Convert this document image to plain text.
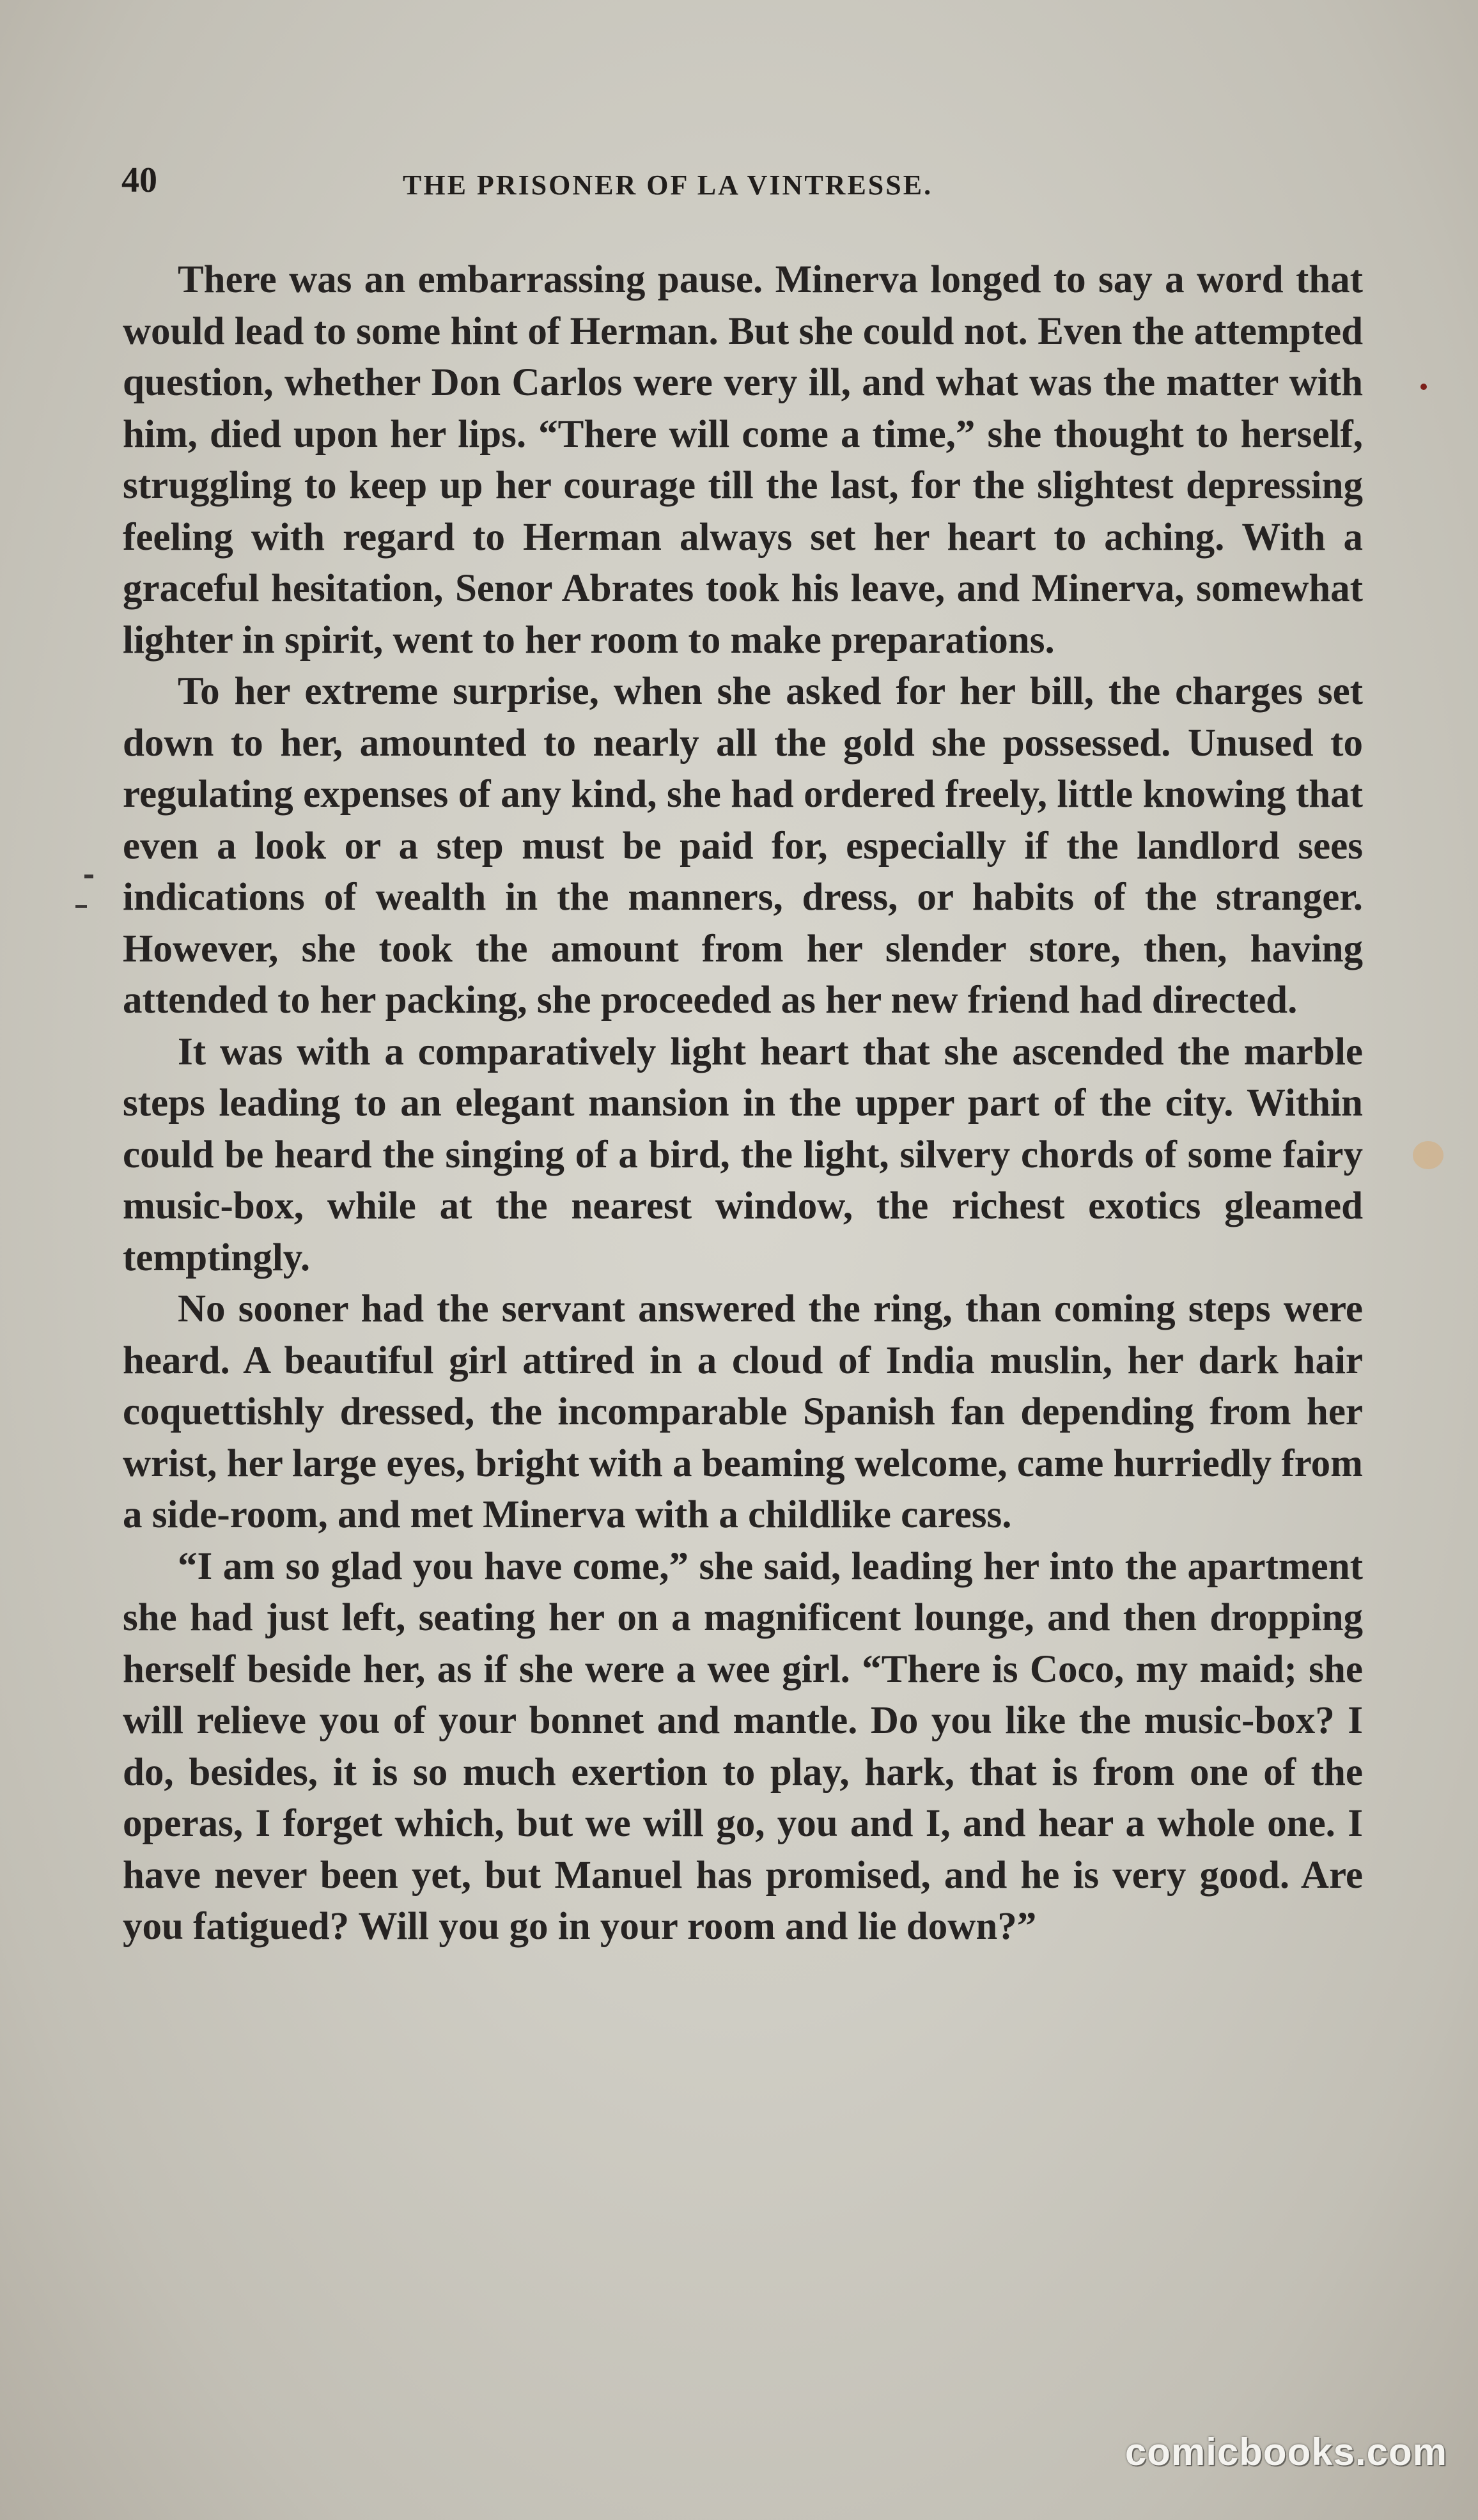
40	THE PRISONER OF LA VINTRESSE.

There was an embarrassing pause. Minerva longed to say a word that would lead to some hint of Herman. But she could not. Even the attempted question, whether Don Carlos were very ill, and what was the matter with him, died upon her lips. “There will come a time,” she thought to herself, struggling to keep up her courage till the last, for the slightest depressing feeling with regard to Herman always set her heart to aching. With a graceful hesitation, Senor Abrates took his leave, and Minerva, somewhat lighter in spirit, went to her room to make preparations.

To her extreme surprise, when she asked for her bill, the charges set down to her, amounted to nearly all the gold she possessed. Unused to regulating expenses of any kind, she had ordered freely, little knowing that even a look or a step must be paid for, especially if the landlord sees indications of wealth in the manners, dress, or habits of the stranger. However, she took the amount from her slender store, then, having attended to her packing, she proceeded as her new friend had directed.

It was with a comparatively light heart that she ascended the marble steps leading to an elegant mansion in the upper part of the city. Within could be heard the singing of a bird, the light, silvery chords of some fairy music-box, while at the nearest window, the richest exotics gleamed temptingly.

No sooner had the servant answered the ring, than coming steps were heard. A beautiful girl attired in a cloud of India muslin, her dark hair coquettishly dressed, the incomparable Spanish fan depending from her wrist, her large eyes, bright with a beaming welcome, came hurriedly from a side-room, and met Minerva with a childlike caress.

“I am so glad you have come,” she said, leading her into the apartment she had just left, seating her on a magnificent lounge, and then dropping herself beside her, as if she were a wee girl. “There is Coco, my maid; she will relieve you of your bonnet and mantle. Do you like the music-box? I do, besides, it is so much exertion to play, hark, that is from one of the operas, I forget which, but we will go, you and I, and hear a whole one. I have never been yet, but Manuel has promised, and he is very good. Are you fatigued? Will you go in your room and lie down?”

comicbooks.com
